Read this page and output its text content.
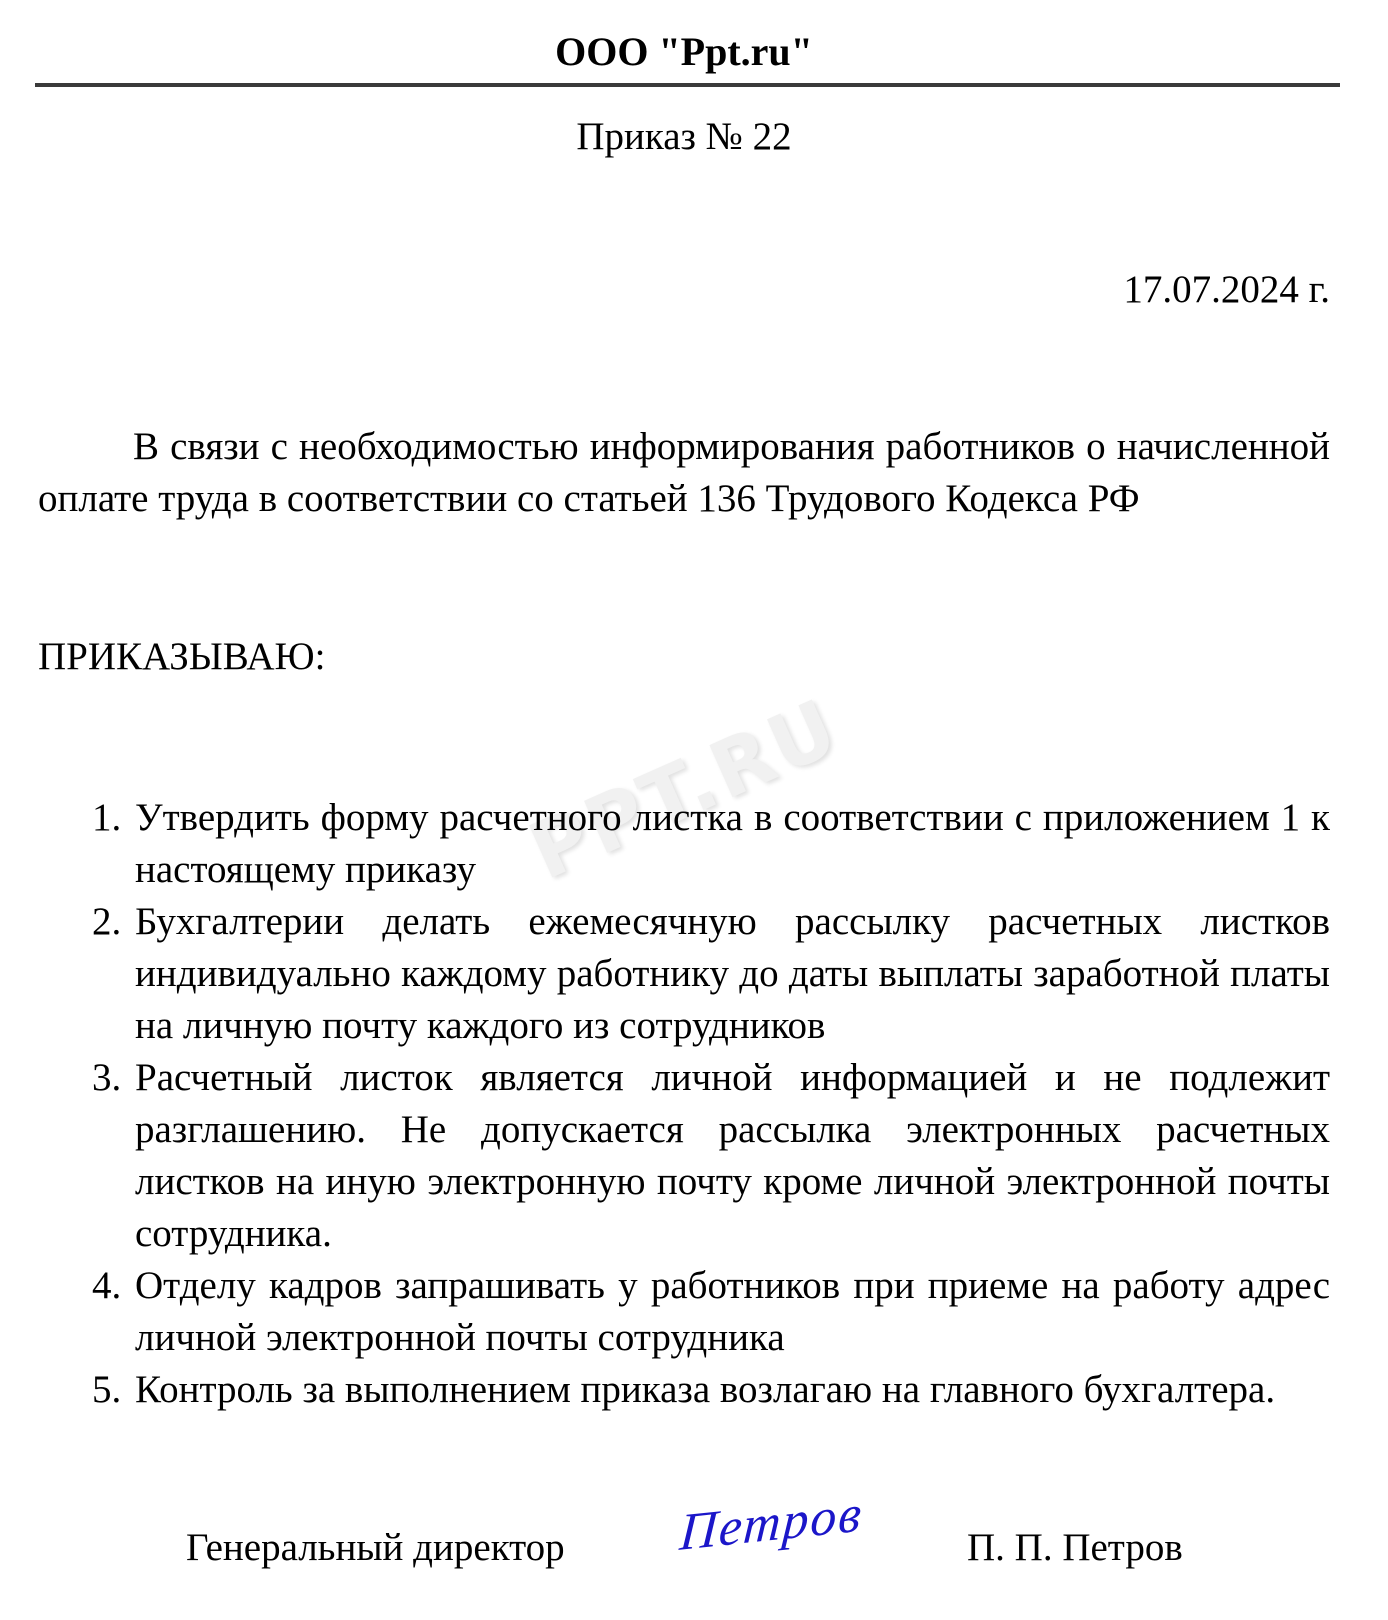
PPT.RU
ООО "Ppt.ru"
Приказ № 22
17.07.2024 г.

В связи с необходимостью информирования работников о начисленной оплате труда в соответствии со статьей 136 Трудового Кодекса РФ

ПРИКАЗЫВАЮ:
Утвердить форму расчетного листка в соответствии с приложением 1 к настоящему приказу
Бухгалтерии делать ежемесячную рассылку расчетных листков индивидуально каждому работнику до даты выплаты заработной платы на личную почту каждого из сотрудников
Расчетный листок является личной информацией и не подлежит разглашению. Не допускается рассылка электронных расчетных листков на иную электронную почту кроме личной электронной почты сотрудника.
Отделу кадров запрашивать у работников при приеме на работу адрес личной электронной почты сотрудника
Контроль за выполнением приказа возлагаю на главного бухгалтера.
Генеральный директор Петров	П. П. Петров
